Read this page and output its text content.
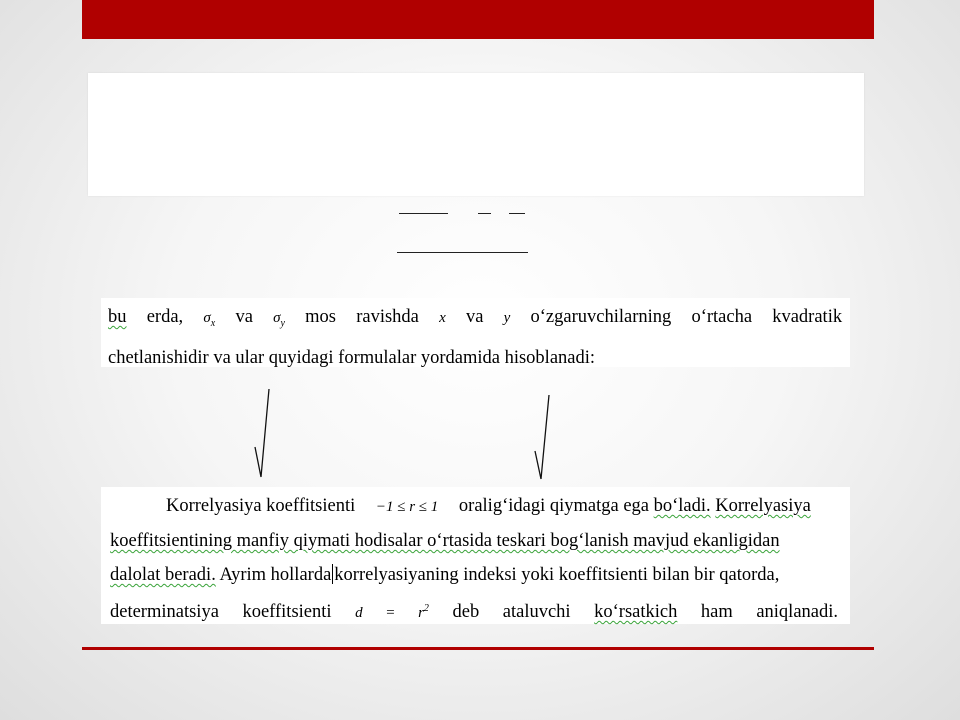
bu erda, $\sigma_x$ va $\sigma_y$ mos ravishda x va y o‘zgaruvchilarning o‘rtacha kvadratik
chetlanishidir va ular quyidagi formulalar yordamida hisoblanadi:
Korrelyasiya koeffitsienti −1 ≤ r ≤ 1 oralig‘idagi qiymatga ega bo‘ladi. Korrelyasiya
koeffitsientining manfiy qiymati hodisalar o‘rtasida teskari bog‘lanish mavjud ekanligidan
dalolat beradi. Ayrim hollarda korrelyasiyaning indeksi yoki koeffitsienti bilan bir qatorda,
determinatsiya koeffitsienti $d = r^2$ deb ataluvchi ko‘rsatkich ham aniqlanadi.
